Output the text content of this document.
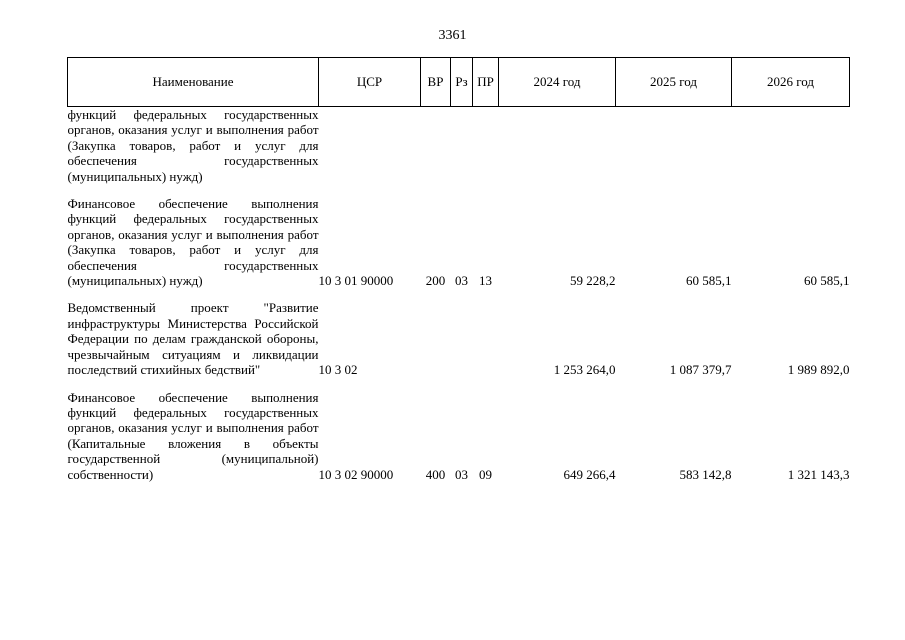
3361
Наименование	ЦСР	ВР	Рз	ПР	2024 год	2025 год	2026 год
функций федеральных государственных органов, оказания услуг и выполнения работ (Закупка товаров, работ и услуг для обеспечения государственных (муниципальных) нужд)							

Финансовое обеспечение выполнения функций федеральных государственных органов, оказания услуг и выполнения работ (Закупка товаров, работ и услуг для обеспечения государственных (муниципальных) нужд)	10 3 01 90000	200	03	13	59 228,2	60 585,1	60 585,1

Ведомственный проект "Развитие инфраструктуры Министерства Российской Федерации по делам гражданской обороны, чрезвычайным ситуациям и ликвидации последствий стихийных бедствий"	10 3 02				1 253 264,0	1 087 379,7	1 989 892,0

Финансовое обеспечение выполнения функций федеральных государственных органов, оказания услуг и выполнения работ (Капитальные вложения в объекты государственной (муниципальной) собственности)	10 3 02 90000	400	03	09	649 266,4	583 142,8	1 321 143,3
